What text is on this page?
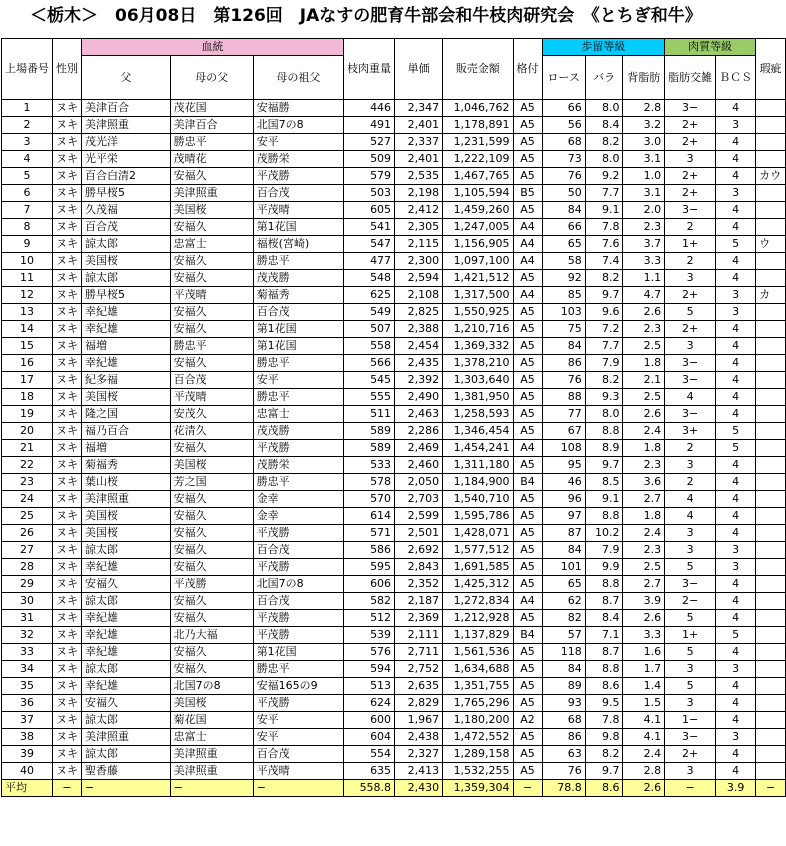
＜栃木＞　06月08日　第126回　JAなすの肥育牛部会和牛枝肉研究会　《とちぎ和牛》
上場番号	性別	血統			枝肉重量	単価	販売金額	格付	歩留等級			肉質等級		瑕疵
		父	母の父	母の祖父					ロース	バラ	背脂肪	脂肪交雑	ＢＣＳ	

1	ヌキ	美津百合	茂花国	安福勝	446	2,347	1,046,762	A5	66	8.0	2.8	3−	4	
2	ヌキ	美津照重	美津百合	北国7の8	491	2,401	1,178,891	A5	56	8.4	3.2	2+	3	
3	ヌキ	茂光洋	勝忠平	安平	527	2,337	1,231,599	A5	68	8.2	3.0	2+	4	
4	ヌキ	光平栄	茂晴花	茂勝栄	509	2,401	1,222,109	A5	73	8.0	3.1	3	4	
5	ヌキ	百合白清2	安福久	平茂勝	579	2,535	1,467,765	A5	76	9.2	1.0	2+	4	カウ
6	ヌキ	勝早桜5	美津照重	百合茂	503	2,198	1,105,594	B5	50	7.7	3.1	2+	3	
7	ヌキ	久茂福	美国桜	平茂晴	605	2,412	1,459,260	A5	84	9.1	2.0	3−	4	
8	ヌキ	百合茂	安福久	第1花国	541	2,305	1,247,005	A4	66	7.8	2.3	2	4	
9	ヌキ	諒太郎	忠富士	福桜(宮崎)	547	2,115	1,156,905	A4	65	7.6	3.7	1+	5	ウ
10	ヌキ	美国桜	安福久	勝忠平	477	2,300	1,097,100	A4	58	7.4	3.3	2	4	
11	ヌキ	諒太郎	安福久	茂茂勝	548	2,594	1,421,512	A5	92	8.2	1.1	3	4	
12	ヌキ	勝早桜5	平茂晴	菊福秀	625	2,108	1,317,500	A4	85	9.7	4.7	2+	3	カ
13	ヌキ	幸紀雄	安福久	百合茂	549	2,825	1,550,925	A5	103	9.6	2.6	5	3	
14	ヌキ	幸紀雄	安福久	第1花国	507	2,388	1,210,716	A5	75	7.2	2.3	2+	4	
15	ヌキ	福増	勝忠平	第1花国	558	2,454	1,369,332	A5	84	7.7	2.5	3	4	
16	ヌキ	幸紀雄	安福久	勝忠平	566	2,435	1,378,210	A5	86	7.9	1.8	3−	4	
17	ヌキ	紀多福	百合茂	安平	545	2,392	1,303,640	A5	76	8.2	2.1	3−	4	
18	ヌキ	美国桜	平茂晴	勝忠平	555	2,490	1,381,950	A5	88	9.3	2.5	4	4	
19	ヌキ	隆之国	安茂久	忠富士	511	2,463	1,258,593	A5	77	8.0	2.6	3−	4	
20	ヌキ	福乃百合	花清久	茂茂勝	589	2,286	1,346,454	A5	67	8.8	2.4	3+	5	
21	ヌキ	福増	安福久	平茂勝	589	2,469	1,454,241	A4	108	8.9	1.8	2	5	
22	ヌキ	菊福秀	美国桜	茂勝栄	533	2,460	1,311,180	A5	95	9.7	2.3	3	4	
23	ヌキ	葉山桜	芳之国	勝忠平	578	2,050	1,184,900	B4	46	8.5	3.6	2	4	
24	ヌキ	美津照重	安福久	金幸	570	2,703	1,540,710	A5	96	9.1	2.7	4	4	
25	ヌキ	美国桜	安福久	金幸	614	2,599	1,595,786	A5	97	8.8	1.8	4	4	
26	ヌキ	美国桜	安福久	平茂勝	571	2,501	1,428,071	A5	87	10.2	2.4	3	4	
27	ヌキ	諒太郎	安福久	百合茂	586	2,692	1,577,512	A5	84	7.9	2.3	3	3	
28	ヌキ	幸紀雄	安福久	平茂勝	595	2,843	1,691,585	A5	101	9.9	2.5	5	3	
29	ヌキ	安福久	平茂勝	北国7の8	606	2,352	1,425,312	A5	65	8.8	2.7	3−	4	
30	ヌキ	諒太郎	安福久	百合茂	582	2,187	1,272,834	A4	62	8.7	3.9	2−	4	
31	ヌキ	幸紀雄	安福久	平茂勝	512	2,369	1,212,928	A5	82	8.4	2.6	5	4	
32	ヌキ	幸紀雄	北乃大福	平茂勝	539	2,111	1,137,829	B4	57	7.1	3.3	1+	5	
33	ヌキ	幸紀雄	安福久	第1花国	576	2,711	1,561,536	A5	118	8.7	1.6	5	4	
34	ヌキ	諒太郎	安福久	勝忠平	594	2,752	1,634,688	A5	84	8.8	1.7	3	3	
35	ヌキ	幸紀雄	北国7の8	安福165の9	513	2,635	1,351,755	A5	89	8.6	1.4	5	4	
36	ヌキ	安福久	美国桜	平茂勝	624	2,829	1,765,296	A5	93	9.5	1.5	3	4	
37	ヌキ	諒太郎	菊花国	安平	600	1,967	1,180,200	A2	68	7.8	4.1	1−	4	
38	ヌキ	美津照重	忠富士	安平	604	2,438	1,472,552	A5	86	9.8	4.1	3−	3	
39	ヌキ	諒太郎	美津照重	百合茂	554	2,327	1,289,158	A5	63	8.2	2.4	2+	4	
40	ヌキ	聖香藤	美津照重	平茂晴	635	2,413	1,532,255	A5	76	9.7	2.8	3	4	
平均	−	−	−	−	558.8	2,430	1,359,304	−	78.8	8.6	2.6	−	3.9	−
